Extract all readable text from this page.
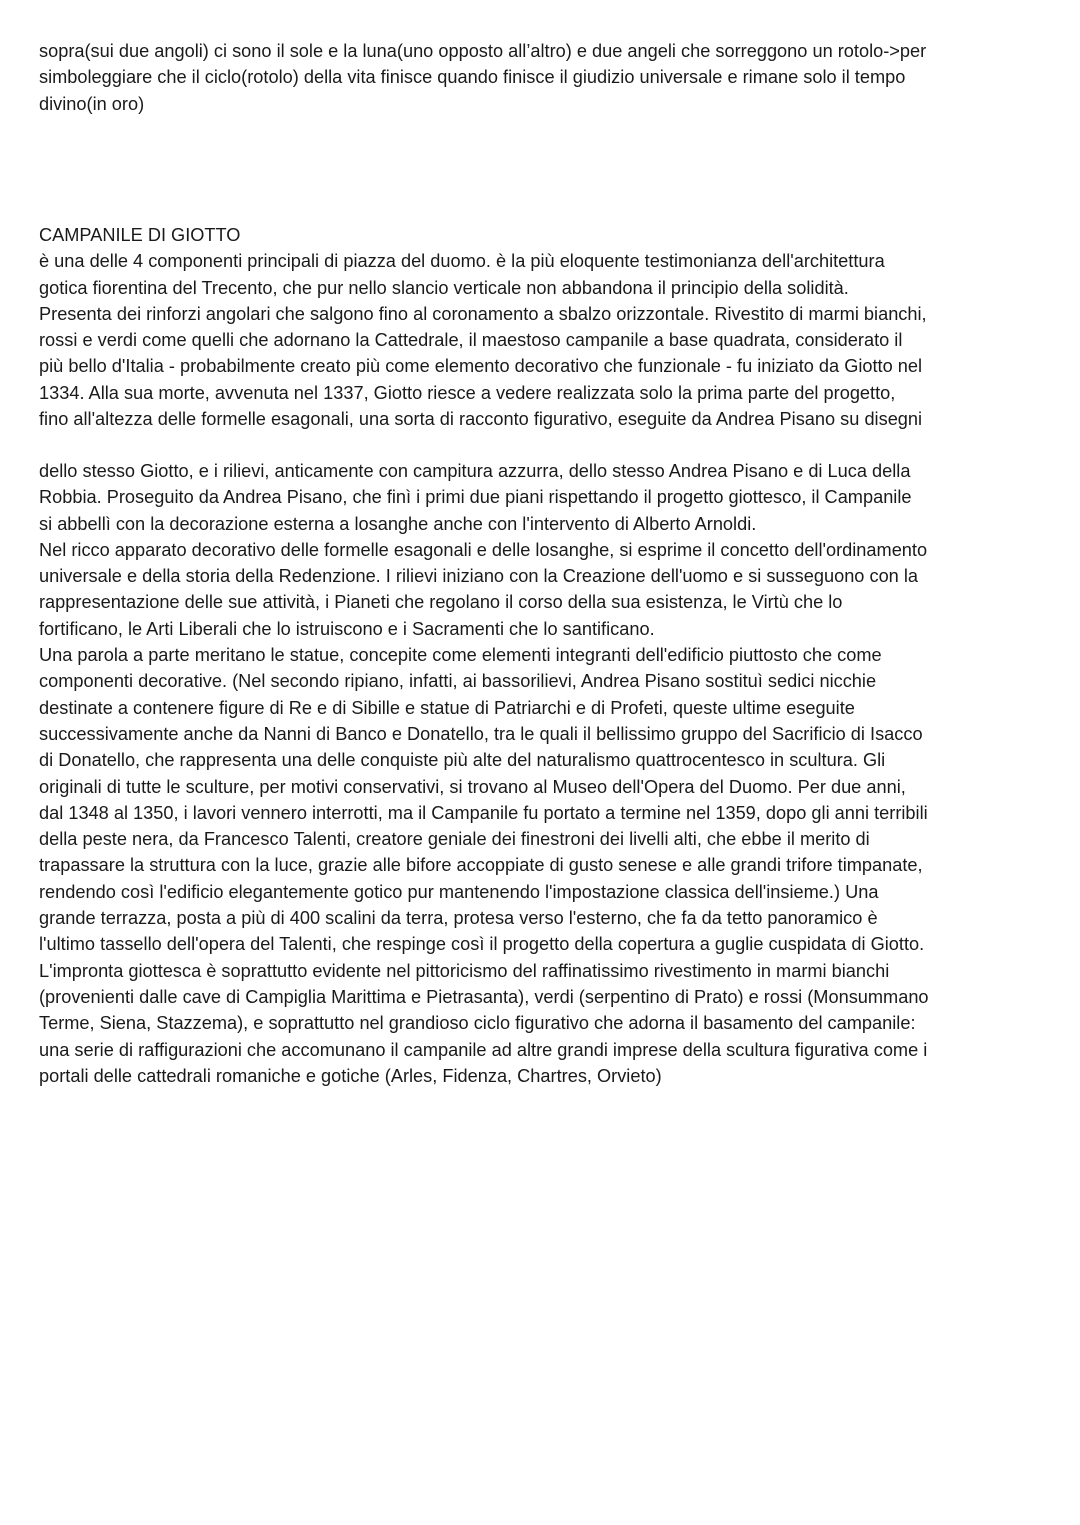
sopra(sui due angoli) ci sono il sole e la luna(uno opposto all’altro) e due angeli che sorreggono un rotolo->per
simboleggiare che il ciclo(rotolo) della vita finisce quando finisce il giudizio universale e rimane solo il tempo
divino(in oro)
CAMPANILE DI GIOTTO
è una delle 4 componenti principali di piazza del duomo. è la più eloquente testimonianza dell'architettura
gotica fiorentina del Trecento, che pur nello slancio verticale non abbandona il principio della solidità.
Presenta dei rinforzi angolari che salgono fino al coronamento a sbalzo orizzontale. Rivestito di marmi bianchi,
rossi e verdi come quelli che adornano la Cattedrale, il maestoso campanile a base quadrata, considerato il
più bello d'Italia - probabilmente creato più come elemento decorativo che funzionale - fu iniziato da Giotto nel
1334. Alla sua morte, avvenuta nel 1337, Giotto riesce a vedere realizzata solo la prima parte del progetto,
fino all'altezza delle formelle esagonali, una sorta di racconto figurativo, eseguite da Andrea Pisano su disegni
dello stesso Giotto, e i rilievi, anticamente con campitura azzurra, dello stesso Andrea Pisano e di Luca della
Robbia. Proseguito da Andrea Pisano, che finì i primi due piani rispettando il progetto giottesco, il Campanile
si abbellì con la decorazione esterna a losanghe anche con l'intervento di Alberto Arnoldi.
Nel ricco apparato decorativo delle formelle esagonali e delle losanghe, si esprime il concetto dell'ordinamento
universale e della storia della Redenzione. I rilievi iniziano con la Creazione dell'uomo e si susseguono con la
rappresentazione delle sue attività, i Pianeti che regolano il corso della sua esistenza, le Virtù che lo
fortificano, le Arti Liberali che lo istruiscono e i Sacramenti che lo santificano.
Una parola a parte meritano le statue, concepite come elementi integranti dell'edificio piuttosto che come
componenti decorative. (Nel secondo ripiano, infatti, ai bassorilievi, Andrea Pisano sostituì sedici nicchie
destinate a contenere figure di Re e di Sibille e statue di Patriarchi e di Profeti, queste ultime eseguite
successivamente anche da Nanni di Banco e Donatello, tra le quali il bellissimo gruppo del Sacrificio di Isacco
di Donatello, che rappresenta una delle conquiste più alte del naturalismo quattrocentesco in scultura. Gli
originali di tutte le sculture, per motivi conservativi, si trovano al Museo dell'Opera del Duomo. Per due anni,
dal 1348 al 1350, i lavori vennero interrotti, ma il Campanile fu portato a termine nel 1359, dopo gli anni terribili
della peste nera, da Francesco Talenti, creatore geniale dei finestroni dei livelli alti, che ebbe il merito di
trapassare la struttura con la luce, grazie alle bifore accoppiate di gusto senese e alle grandi trifore timpanate,
rendendo così l'edificio elegantemente gotico pur mantenendo l'impostazione classica dell'insieme.) Una
grande terrazza, posta a più di 400 scalini da terra, protesa verso l'esterno, che fa da tetto panoramico è
l'ultimo tassello dell'opera del Talenti, che respinge così il progetto della copertura a guglie cuspidata di Giotto.
L'impronta giottesca è soprattutto evidente nel pittoricismo del raffinatissimo rivestimento in marmi bianchi
(provenienti dalle cave di Campiglia Marittima e Pietrasanta), verdi (serpentino di Prato) e rossi (Monsummano
Terme, Siena, Stazzema), e soprattutto nel grandioso ciclo figurativo che adorna il basamento del campanile:
una serie di raffigurazioni che accomunano il campanile ad altre grandi imprese della scultura figurativa come i
portali delle cattedrali romaniche e gotiche (Arles, Fidenza, Chartres, Orvieto)
